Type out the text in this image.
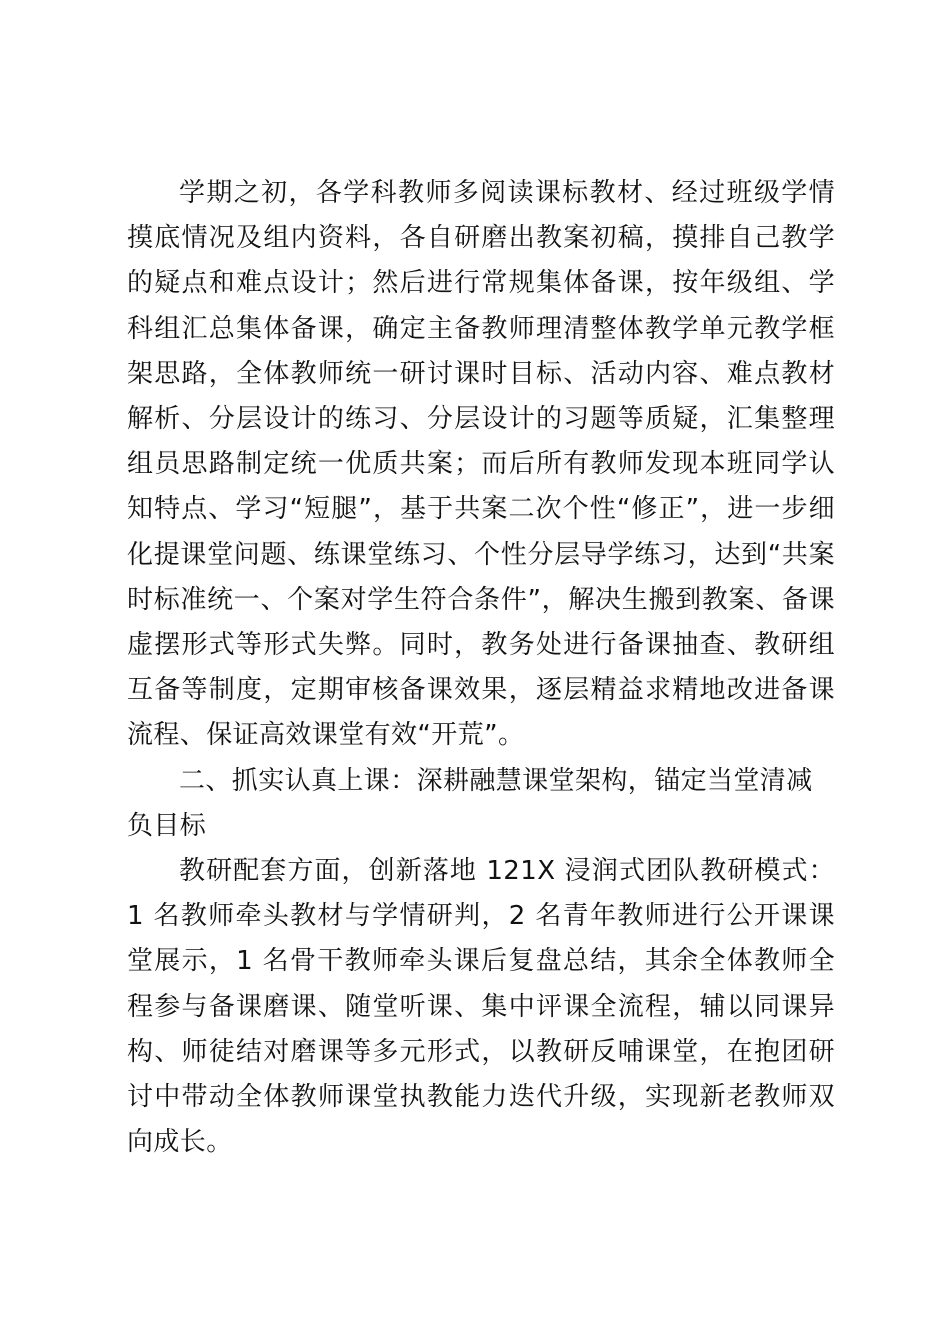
学期之初，各学科教师多阅读课标教材、经过班级学情摸底情况及组内资料，各自研磨出教案初稿，摸排自己教学的疑点和难点设计；然后进行常规集体备课，按年级组、学科组汇总集体备课，确定主备教师理清整体教学单元教学框架思路，全体教师统一研讨课时目标、活动内容、难点教材解析、分层设计的练习、分层设计的习题等质疑，汇集整理组员思路制定统一优质共案；而后所有教师发现本班同学认知特点、学习“短腿”，基于共案二次个性“修正”，进一步细化提课堂问题、练课堂练习、个性分层导学练习，达到“共案时标准统一、个案对学生符合条件”，解决生搬到教案、备课虚摆形式等形式失弊。同时，教务处进行备课抽查、教研组互备等制度，定期审核备课效果，逐层精益求精地改进备课流程、保证高效课堂有效“开荒”。

二、抓实认真上课：深耕融慧课堂架构，锚定当堂清减负目标

教研配套方面，创新落地 121X 浸润式团队教研模式：1 名教师牵头教材与学情研判，2 名青年教师进行公开课课堂展示，1 名骨干教师牵头课后复盘总结，其余全体教师全程参与备课磨课、随堂听课、集中评课全流程，辅以同课异构、师徒结对磨课等多元形式，以教研反哺课堂，在抱团研讨中带动全体教师课堂执教能力迭代升级，实现新老教师双向成长。
